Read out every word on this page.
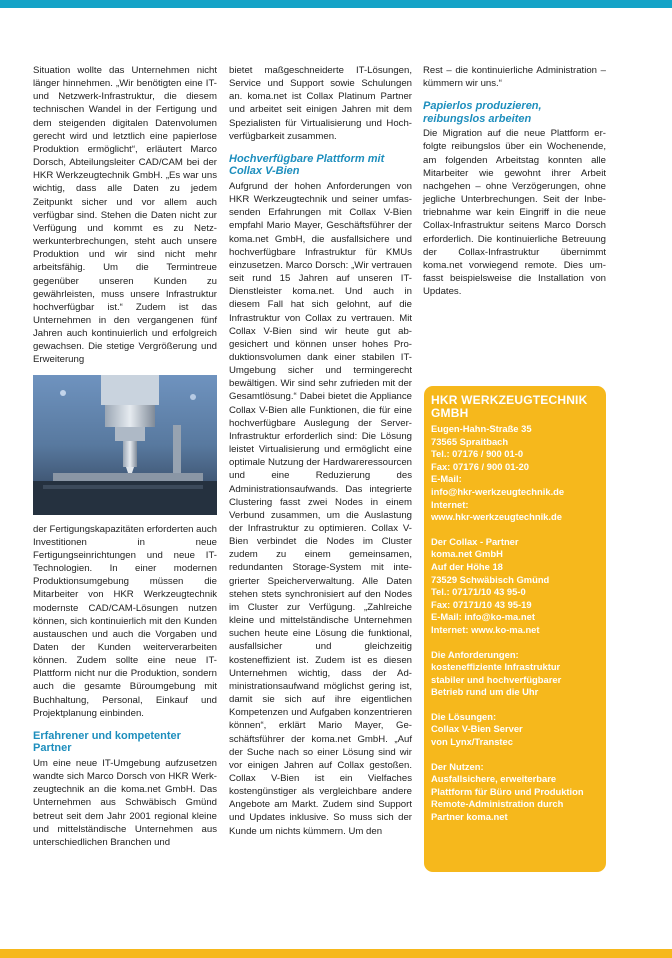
Situation wollte das Unternehmen nicht länger hinnehmen. „Wir benötigten eine IT- und Netzwerk-Infrastruktur, die diesem technischen Wandel in der Fertigung und dem steigenden digitalen Datenvolumen gerecht wird und letztlich eine papierlose Produktion ermöglicht“, erläutert Marco Dorsch, Abteilungsleiter CAD/CAM bei der HKR Werkzeugtechnik GmbH. „Es war uns wichtig, dass alle Daten zu jedem Zeitpunkt sicher und vor allem auch verfügbar sind. Stehen die Daten nicht zur Verfügung und kommt es zu Netzwerkunterbrechungen, steht auch unsere Produktion und wir sind nicht mehr arbeitsfähig. Um die Termintreue gegenüber unseren Kunden zu gewährleisten, muss unsere Infrastruktur hochverfügbar ist.“ Zudem ist das Unternehmen in den vergangenen fünf Jahren auch kontinuierlich und erfolgreich gewachsen. Die stetige Vergrößerung und Erweiterung

der Fertigungskapazitäten erforderten auch Investitionen in neue Fertigungseinrichtungen und neue IT-Technologien. In einer modernen Produktionsumgebung müssen die Mitarbeiter von HKR Werkzeugtechnik modernste CAD/CAM-Lösungen nutzen können, sich kontinuierlich mit den Kunden austauschen und auch die Vorgaben und Daten der Kunden weiterverarbeiten können. Zudem sollte eine neue IT-Plattform nicht nur die Produktion, sondern auch die gesamte Büroumgebung mit Buchhaltung, Personal, Einkauf und Projektplanung einbinden.

Erfahrener und kompetenter Partner

Um eine neue IT-Umgebung aufzusetzen wandte sich Marco Dorsch von HKR Werkzeugtechnik an die koma.net GmbH. Das Unternehmen aus Schwäbisch Gmünd betreut seit dem Jahr 2001 regional kleine und mittelständische Unternehmen aus unterschiedlichen Branchen und

bietet maßgeschneiderte IT-Lösungen, Service und Support sowie Schulungen an. koma.net ist Collax Platinum Partner und arbeitet seit einigen Jahren mit dem Spezialisten für Virtualisierung und Hochverfügbarkeit zusammen.

Hochverfügbare Plattform mit Collax V-Bien

Aufgrund der hohen Anforderungen von HKR Werkzeugtechnik und seiner umfassenden Erfahrungen mit Collax V-Bien empfahl Mario Mayer, Geschäftsführer der koma.net GmbH, die ausfallsichere und hochverfügbare Infrastruktur für KMUs einzusetzen. Marco Dorsch: „Wir vertrauen seit rund 15 Jahren auf unseren IT-Dienstleister koma.net. Und auch in diesem Fall hat sich gelohnt, auf die Infrastruktur von Collax zu vertrauen. Mit Collax V-Bien sind wir heute gut abgesichert und können unser hohes Produktionsvolumen dank einer stabilen IT-Umgebung sicher und termingerecht bewältigen. Wir sind sehr zufrieden mit der Gesamtlösung.“ Dabei bietet die Appliance Collax V-Bien alle Funktionen, die für eine hochverfügbare Auslegung der Server-Infrastruktur erforderlich sind: Die Lösung leistet Virtualisierung und ermöglicht eine optimale Nutzung der Hardwareressourcen und eine Reduzierung des Administrationsaufwands. Das integrierte Clustering fasst zwei Nodes in einem Verbund zusammen, um die Auslastung der Infrastruktur zu optimieren. Collax V-Bien verbindet die Nodes im Cluster zudem zu einem gemeinsamen, redundanten Storage-System mit integrierter Speicherverwaltung. Alle Daten stehen stets synchronisiert auf den Nodes im Cluster zur Verfügung. „Zahlreiche kleine und mittelständische Unternehmen suchen heute eine Lösung die funktional, ausfallsicher und gleichzeitig kosteneffizient ist. Zudem ist es diesen Unternehmen wichtig, dass der Administrationsaufwand möglichst gering ist, damit sie sich auf ihre eigentlichen Kompetenzen und Aufgaben konzentrieren können“, erklärt Mario Mayer, Geschäftsführer der koma.net GmbH. „Auf der Suche nach so einer Lösung sind wir vor einigen Jahren auf Collax gestoßen. Collax V-Bien ist ein Vielfaches kostengünstiger als vergleichbare andere Angebote am Markt. Zudem sind Support und Updates inklusive. So muss sich der Kunde um nichts kümmern. Um den

Rest – die kontinuierliche Administration – kümmern wir uns.“

Papierlos produzieren, reibungslos arbeiten

Die Migration auf die neue Plattform erfolgte reibungslos über ein Wochenende, am folgenden Arbeitstag konnten alle Mitarbeiter wie gewohnt ihrer Arbeit nachgehen – ohne Verzögerungen, ohne jegliche Unterbrechungen. Seit der Inbetriebnahme war kein Eingriff in die neue Collax-Infrastruktur seitens Marco Dorsch erforderlich. Die kontinuierliche Betreuung der Collax-Infrastruktur übernimmt koma.net vorwiegend remote. Dies umfasst beispielsweise die Installation von Updates.

HKR WERKZEUGTECHNIK GMBH
Eugen-Hahn-Straße 35
73565 Spraitbach
Tel.: 07176 / 900 01-0
Fax: 07176 / 900 01-20
E-Mail:
info@hkr-werkzeugtechnik.de
Internet:
www.hkr-werkzeugtechnik.de
Der Collax - Partner
koma.net GmbH
Auf der Höhe 18
73529 Schwäbisch Gmünd
Tel.: 07171/10 43 95-0
Fax: 07171/10 43 95-19
E-Mail: info@ko-ma.net
Internet: www.ko-ma.net
Die Anforderungen:
kosteneffiziente Infrastruktur
stabiler und hochverfügbarer
Betrieb rund um die Uhr
Die Lösungen:
Collax V-Bien Server
von Lynx/Transtec
Der Nutzen:
Ausfallsichere, erweiterbare
Plattform für Büro und Produktion
Remote-Administration durch
Partner koma.net
